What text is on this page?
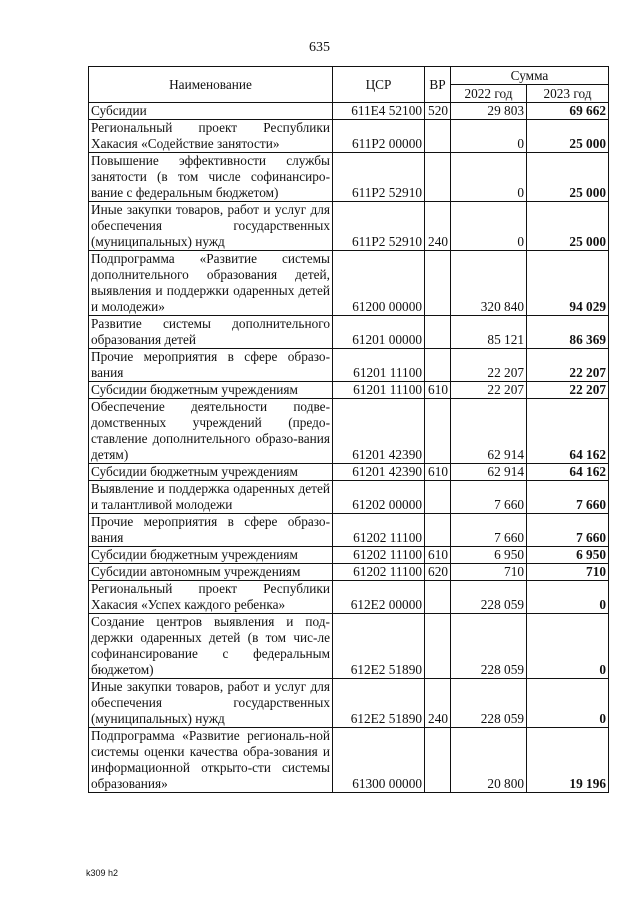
635
Наименование	ЦСР	ВР	Сумма	
			2022 год	2023 год
Субсидии	611Е4 52100	520	29 803	69 662
Региональный проект Республики Хакасия «Содействие занятости»	611Р2 00000		0	25 000
Повышение эффективности службы занятости (в том числе софинансиро-вание с федеральным бюджетом)	611Р2 52910		0	25 000
Иные закупки товаров, работ и услуг для обеспечения государственных (муниципальных) нужд	611Р2 52910	240	0	25 000
Подпрограмма «Развитие системы дополнительного образования детей, выявления и поддержки одаренных детей и молодежи»	61200 00000		320 840	94 029
Развитие системы дополнительного образования детей	61201 00000		85 121	86 369
Прочие мероприятия в сфере образо-вания	61201 11100		22 207	22 207
Субсидии бюджетным учреждениям	61201 11100	610	22 207	22 207
Обеспечение деятельности подве-домственных учреждений (предо-ставление дополнительного образо-вания детям)	61201 42390		62 914	64 162
Субсидии бюджетным учреждениям	61201 42390	610	62 914	64 162
Выявление и поддержка одаренных детей и талантливой молодежи	61202 00000		7 660	7 660
Прочие мероприятия в сфере образо-вания	61202 11100		7 660	7 660
Субсидии бюджетным учреждениям	61202 11100	610	6 950	6 950
Субсидии автономным учреждениям	61202 11100	620	710	710
Региональный проект Республики Хакасия «Успех каждого ребенка»	612Е2 00000		228 059	0
Создание центров выявления и под-держки одаренных детей (в том чис-ле софинансирование с федеральным бюджетом)	612Е2 51890		228 059	0
Иные закупки товаров, работ и услуг для обеспечения государственных (муниципальных) нужд	612Е2 51890	240	228 059	0
Подпрограмма «Развитие региональ-ной системы оценки качества обра-зования и информационной открыто-сти системы образования»	61300 00000		20 800	19 196
k309 h2
